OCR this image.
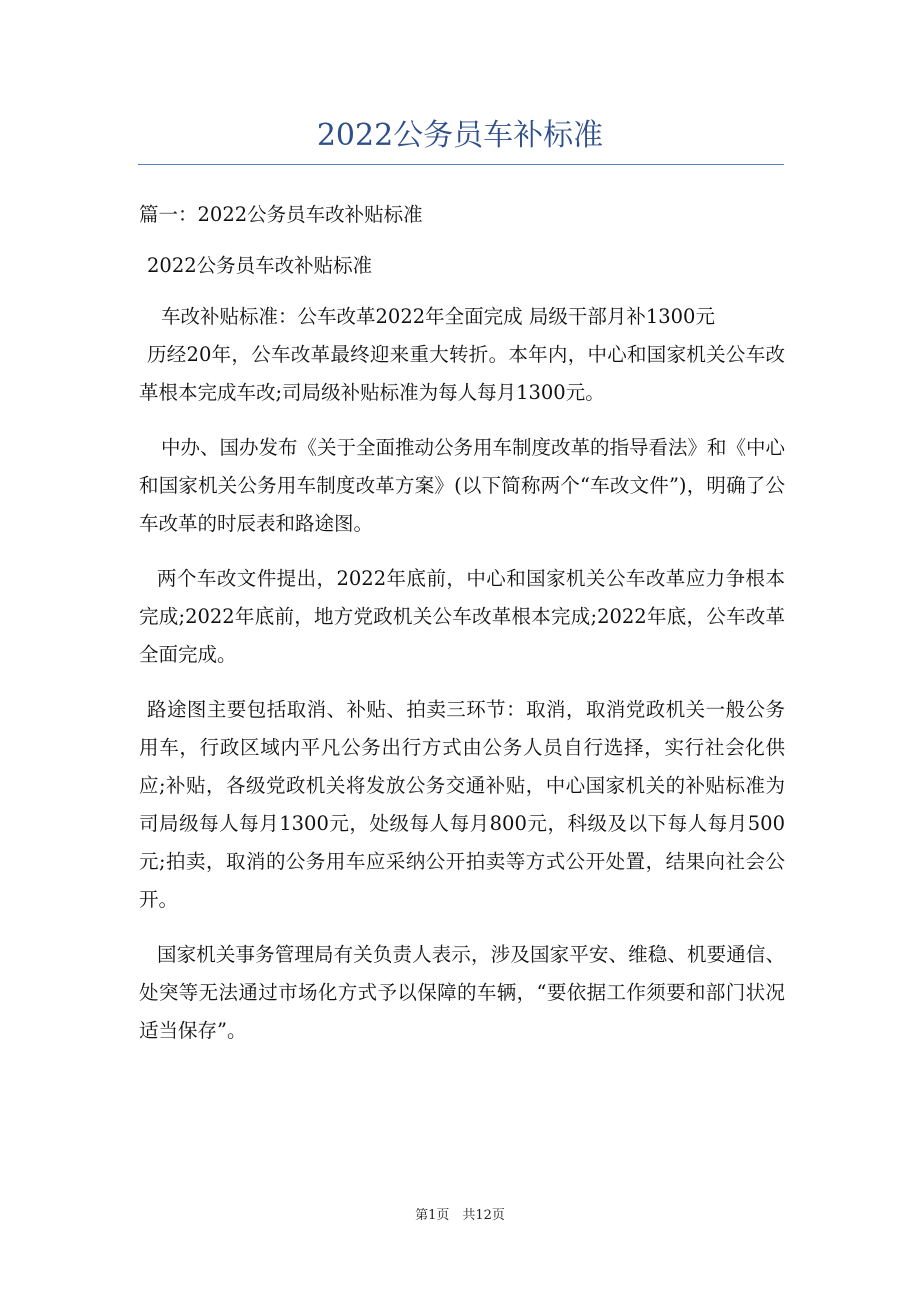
2022公务员车补标准

篇一：2022公务员车改补贴标准

2022公务员车改补贴标准

车改补贴标准：公车改革2022年全面完成 局级干部月补1300元

历经20年，公车改革最终迎来重大转折。本年内，中心和国家机关公车改革根本完成车改;司局级补贴标准为每人每月1300元。

中办、国办发布《关于全面推动公务用车制度改革的指导看法》和《中心和国家机关公务用车制度改革方案》(以下简称两个“车改文件”)，明确了公车改革的时辰表和路途图。

两个车改文件提出，2022年底前，中心和国家机关公车改革应力争根本完成;2022年底前，地方党政机关公车改革根本完成;2022年底，公车改革全面完成。

路途图主要包括取消、补贴、拍卖三环节：取消，取消党政机关一般公务用车，行政区域内平凡公务出行方式由公务人员自行选择，实行社会化供应;补贴，各级党政机关将发放公务交通补贴，中心国家机关的补贴标准为司局级每人每月1300元，处级每人每月800元，科级及以下每人每月500元;拍卖，取消的公务用车应采纳公开拍卖等方式公开处置，结果向社会公开。

国家机关事务管理局有关负责人表示，涉及国家平安、维稳、机要通信、处突等无法通过市场化方式予以保障的车辆，“要依据工作须要和部门状况适当保存”。

第1页　共12页
